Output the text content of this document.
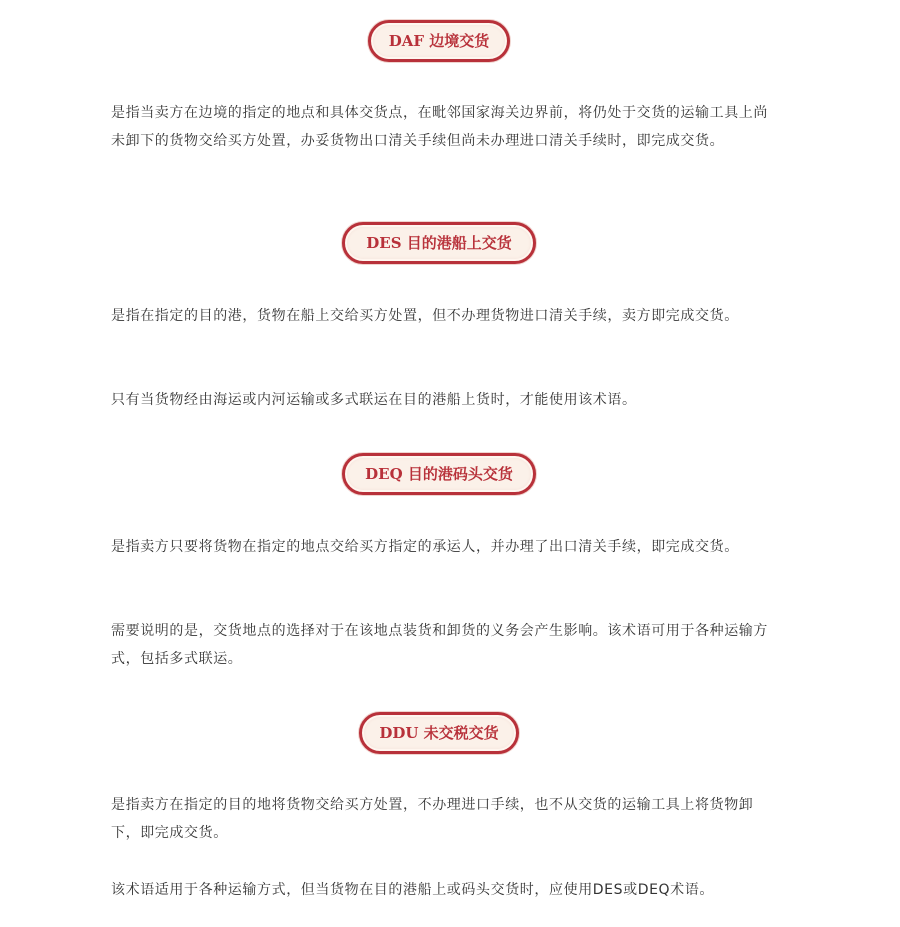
DAF 边境交货

是指当卖方在边境的指定的地点和具体交货点，在毗邻国家海关边界前，将仍处于交货的运输工具上尚未卸下的货物交给买方处置，办妥货物出口清关手续但尚未办理进口清关手续时，即完成交货。

DES 目的港船上交货

是指在指定的目的港，货物在船上交给买方处置，但不办理货物进口清关手续，卖方即完成交货。

只有当货物经由海运或内河运输或多式联运在目的港船上货时，才能使用该术语。

DEQ 目的港码头交货

是指卖方只要将货物在指定的地点交给买方指定的承运人，并办理了出口清关手续，即完成交货。

需要说明的是，交货地点的选择对于在该地点装货和卸货的义务会产生影响。该术语可用于各种运输方式，包括多式联运。

DDU 未交税交货

是指卖方在指定的目的地将货物交给买方处置，不办理进口手续，也不从交货的运输工具上将货物卸下，即完成交货。

该术语适用于各种运输方式，但当货物在目的港船上或码头交货时，应使用DES或DEQ术语。
